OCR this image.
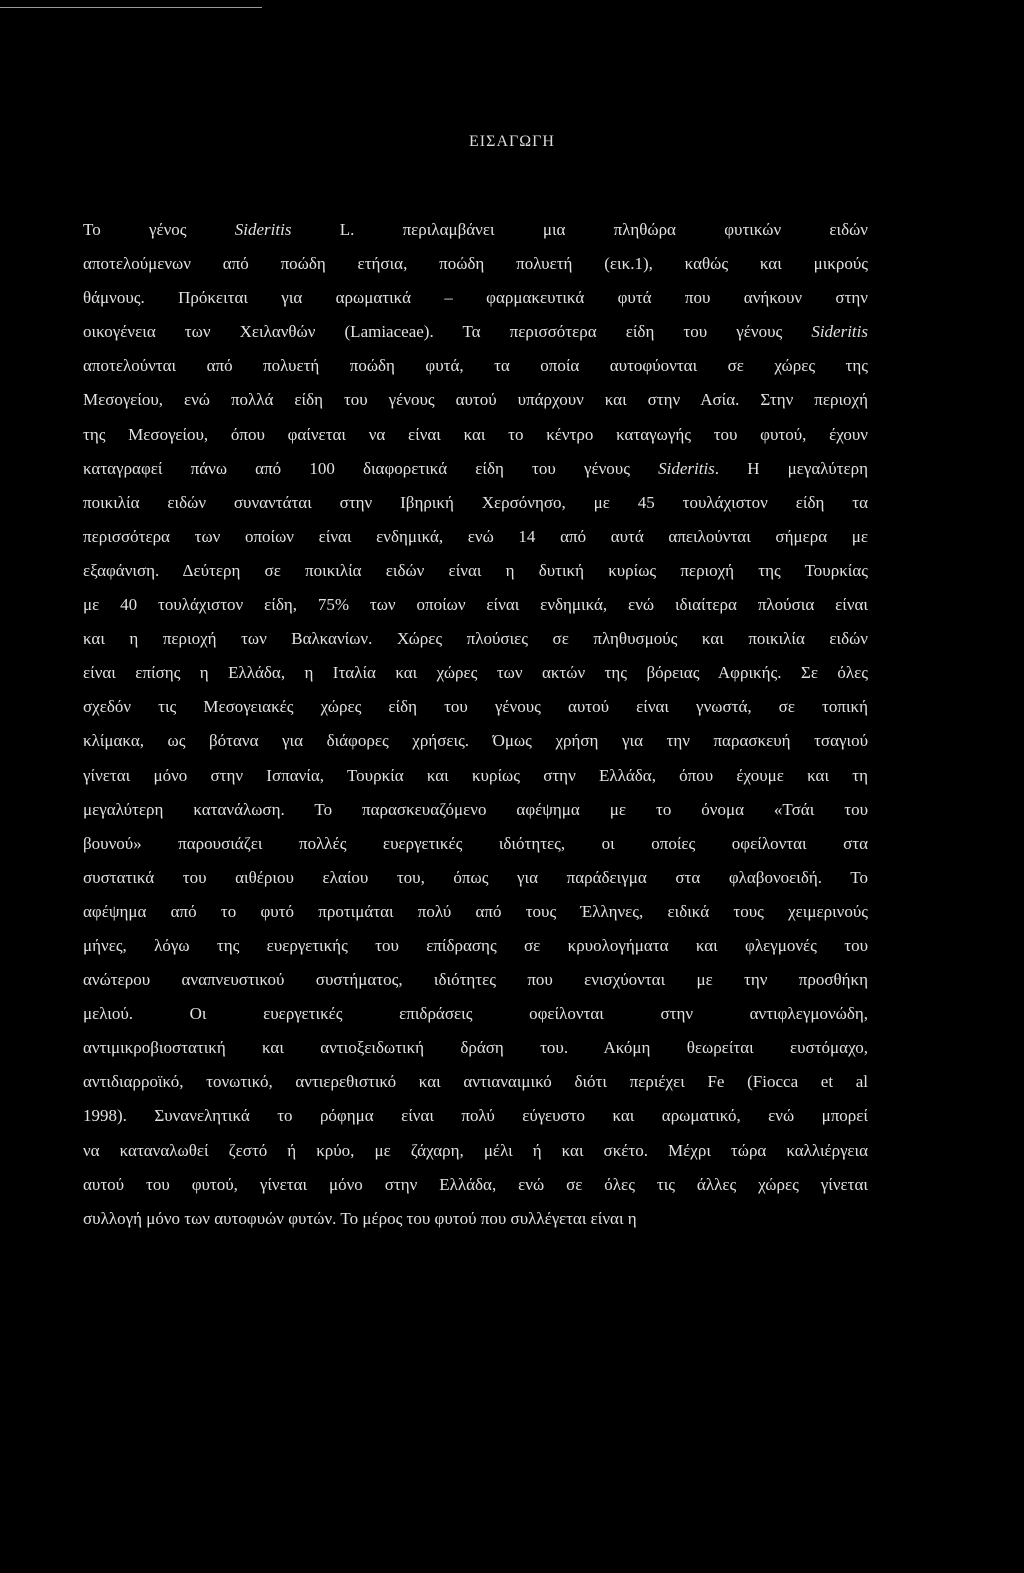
ΕΙΣΑΓΩΓΗ
Το γένος Sideritis L. περιλαμβάνει μια πληθώρα φυτικών ειδών
αποτελούμενων από ποώδη ετήσια, ποώδη πολυετή (εικ.1), καθώς και μικρούς
θάμνους. Πρόκειται για αρωματικά – φαρμακευτικά φυτά που ανήκουν στην
οικογένεια των Χειλανθών (Lamiaceae). Τα περισσότερα είδη του γένους Sideritis
αποτελούνται από πολυετή ποώδη φυτά, τα οποία αυτοφύονται σε χώρες της
Μεσογείου, ενώ πολλά είδη του γένους αυτού υπάρχουν και στην Ασία. Στην περιοχή
της Μεσογείου, όπου φαίνεται να είναι και το κέντρο καταγωγής του φυτού, έχουν
καταγραφεί πάνω από 100 διαφορετικά είδη του γένους Sideritis. Η μεγαλύτερη
ποικιλία ειδών συναντάται στην Ιβηρική Χερσόνησο, με 45 τουλάχιστον είδη τα
περισσότερα των οποίων είναι ενδημικά, ενώ 14 από αυτά απειλούνται σήμερα με
εξαφάνιση. Δεύτερη σε ποικιλία ειδών είναι η δυτική κυρίως περιοχή της Τουρκίας
με 40 τουλάχιστον είδη, 75% των οποίων είναι ενδημικά, ενώ ιδιαίτερα πλούσια είναι
και η περιοχή των Βαλκανίων. Χώρες πλούσιες σε πληθυσμούς και ποικιλία ειδών
είναι επίσης η Ελλάδα, η Ιταλία και χώρες των ακτών της βόρειας Αφρικής. Σε όλες
σχεδόν τις Μεσογειακές χώρες είδη του γένους αυτού είναι γνωστά, σε τοπική
κλίμακα, ως βότανα για διάφορες χρήσεις. Όμως χρήση για την παρασκευή τσαγιού
γίνεται μόνο στην Ισπανία, Τουρκία και κυρίως στην Ελλάδα, όπου έχουμε και τη
μεγαλύτερη κατανάλωση. Το παρασκευαζόμενο αφέψημα με το όνομα «Τσάι του
βουνού» παρουσιάζει πολλές ευεργετικές ιδιότητες, οι οποίες οφείλονται στα
συστατικά του αιθέριου ελαίου του, όπως για παράδειγμα στα φλαβονοειδή. Το
αφέψημα από το φυτό προτιμάται πολύ από τους Έλληνες, ειδικά τους χειμερινούς
μήνες, λόγω της ευεργετικής του επίδρασης σε κρυολογήματα και φλεγμονές του
ανώτερου αναπνευστικού συστήματος, ιδιότητες που ενισχύονται με την προσθήκη
μελιού. Οι ευεργετικές επιδράσεις οφείλονται στην αντιφλεγμονώδη,
αντιμικροβιοστατική και αντιοξειδωτική δράση του. Ακόμη θεωρείται ευστόμαχο,
αντιδιαρροϊκό, τονωτικό, αντιερεθιστικό και αντιαναιμικό διότι περιέχει Fe (Fiocca et al
1998). Συνανελητικά το ρόφημα είναι πολύ εύγευστο και αρωματικό, ενώ μπορεί
να καταναλωθεί ζεστό ή κρύο, με ζάχαρη, μέλι ή και σκέτο. Μέχρι τώρα καλλιέργεια
αυτού του φυτού, γίνεται μόνο στην Ελλάδα, ενώ σε όλες τις άλλες χώρες γίνεται
συλλογή μόνο των αυτοφυών φυτών. Το μέρος του φυτού που συλλέγεται είναι η
